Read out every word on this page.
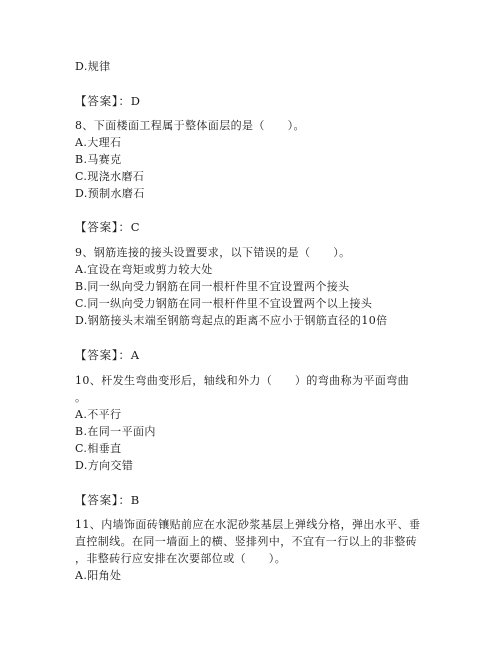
D.规律
【答案】：D
8、下面楼面工程属于整体面层的是（　　）。
A.大理石
B.马赛克
C.现浇水磨石
D.预制水磨石
【答案】：C
9、钢筋连接的接头设置要求，以下错误的是（　　）。
A.宜设在弯矩或剪力较大处
B.同一纵向受力钢筋在同一根杆件里不宜设置两个接头
C.同一纵向受力钢筋在同一根杆件里不宜设置两个以上接头
D.钢筋接头末端至钢筋弯起点的距离不应小于钢筋直径的10倍
【答案】：A
10、杆发生弯曲变形后，轴线和外力（　　）的弯曲称为平面弯曲
。
A.不平行
B.在同一平面内
C.相垂直
D.方向交错
【答案】：B
11、内墙饰面砖镶贴前应在水泥砂浆基层上弹线分格，弹出水平、垂
直控制线。在同一墙面上的横、竖排列中，不宜有一行以上的非整砖
，非整砖行应安排在次要部位或（　　）。
A.阳角处
